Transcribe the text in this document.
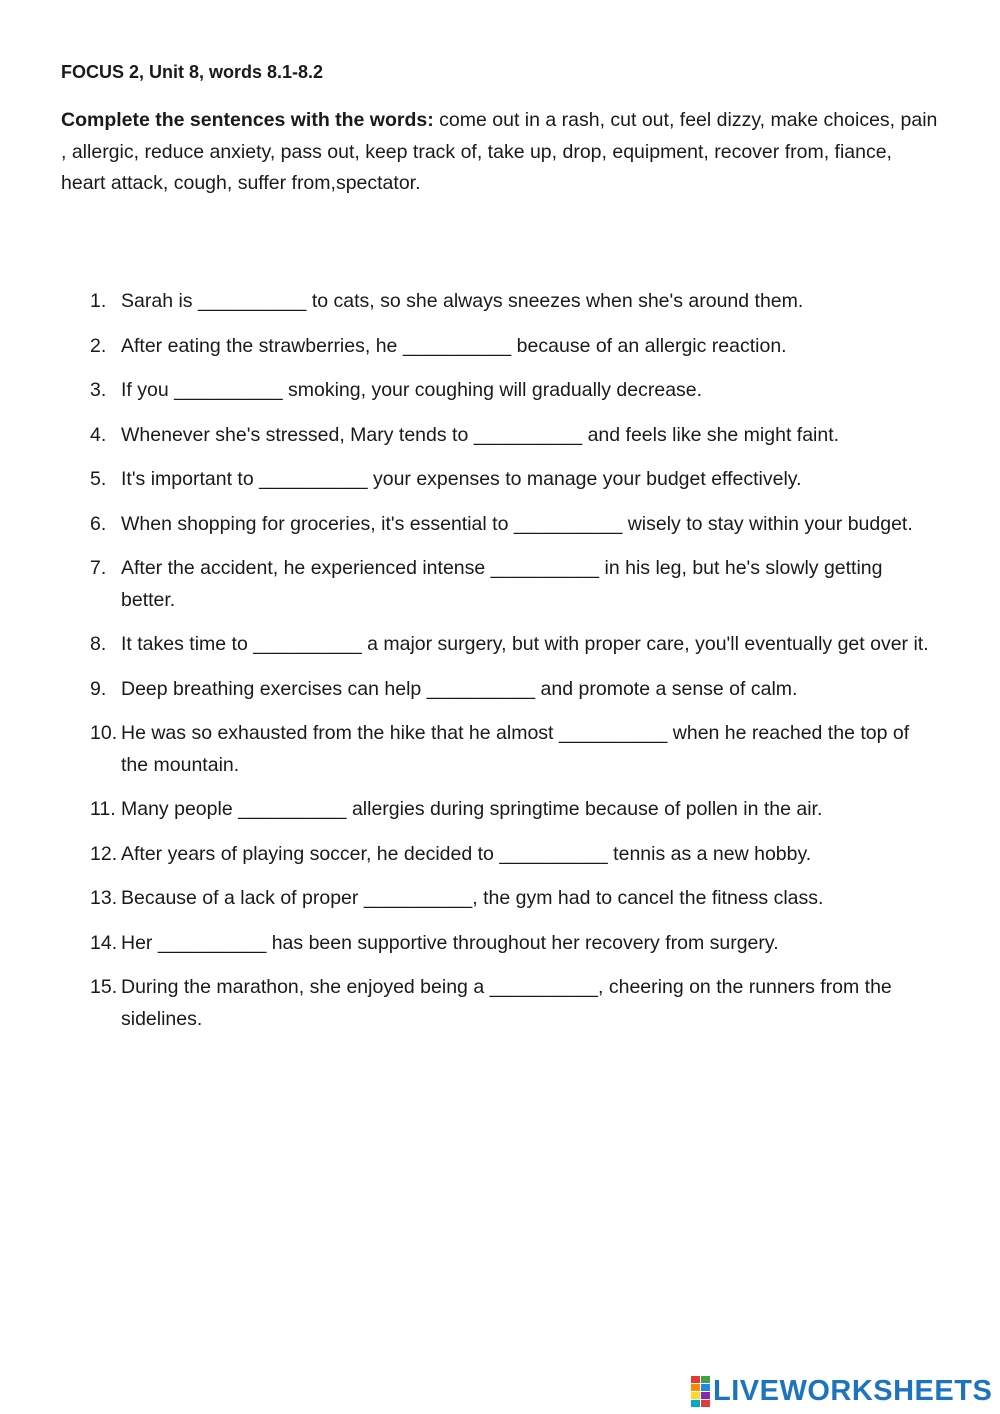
FOCUS 2, Unit 8, words 8.1-8.2
Complete the sentences with the words: come out in a rash, cut out, feel dizzy, make choices, pain , allergic, reduce anxiety, pass out, keep track of, take up, drop, equipment, recover from, fiance, heart attack, cough, suffer from,spectator.
1. Sarah is __________ to cats, so she always sneezes when she's around them.
2. After eating the strawberries, he __________ because of an allergic reaction.
3. If you __________ smoking, your coughing will gradually decrease.
4. Whenever she's stressed, Mary tends to __________ and feels like she might faint.
5. It's important to __________ your expenses to manage your budget effectively.
6. When shopping for groceries, it's essential to __________ wisely to stay within your budget.
7. After the accident, he experienced intense __________ in his leg, but he's slowly getting better.
8. It takes time to __________ a major surgery, but with proper care, you'll eventually get over it.
9. Deep breathing exercises can help __________ and promote a sense of calm.
10. He was so exhausted from the hike that he almost __________ when he reached the top of the mountain.
11. Many people __________ allergies during springtime because of pollen in the air.
12. After years of playing soccer, he decided to __________ tennis as a new hobby.
13. Because of a lack of proper __________, the gym had to cancel the fitness class.
14. Her __________ has been supportive throughout her recovery from surgery.
15. During the marathon, she enjoyed being a __________, cheering on the runners from the sidelines.
LIVEWORKSHEETS
